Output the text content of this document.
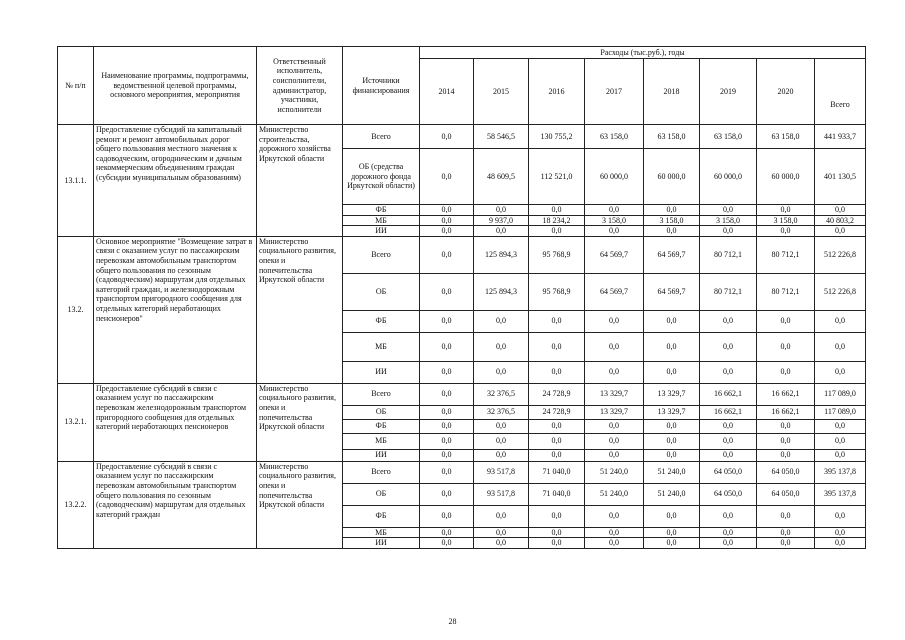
№ п/п	Наименование программы, подпрограммы, ведомственной целевой программы, основного мероприятия, мероприятия	Ответственный исполнитель, соисполнители, администратор, участники, исполнители	Источники финансирования	Расходы (тыс.руб.), годы							
				2014	2015	2016	2017	2018	2019	2020	Всего
13.1.1.	Предоставление субсидий на капитальный ремонт и ремонт автомобильных дорог общего пользования местного значения к садоводческим, огородническим и дачным некоммерческим объединениям граждан (субсидии муниципальным образованиям)	Министерство строительства, дорожного хозяйства Иркутской области	Всего	0,0	58 546,5	130 755,2	63 158,0	63 158,0	63 158,0	63 158,0	441 933,7
			ОБ (средства дорожного фонда Иркутской области)	0,0	48 609,5	112 521,0	60 000,0	60 000,0	60 000,0	60 000,0	401 130,5
			ФБ	0,0	0,0	0,0	0,0	0,0	0,0	0,0	0,0
			МБ	0,0	9 937,0	18 234,2	3 158,0	3 158,0	3 158,0	3 158,0	40 803,2
			ИИ	0,0	0,0	0,0	0,0	0,0	0,0	0,0	0,0
13.2.	Основное мероприятие "Возмещение затрат в связи с оказанием услуг по пассажирским перевозкам автомобильным транспортом общего пользования по сезонным (садоводческим) маршрутам для отдельных категорий граждан, и железнодорожным транспортом пригородного сообщения для отдельных категорий неработающих пенсионеров"	Министерство социального развития, опеки и попечительства Иркутской области	Всего	0,0	125 894,3	95 768,9	64 569,7	64 569,7	80 712,1	80 712,1	512 226,8
			ОБ	0,0	125 894,3	95 768,9	64 569,7	64 569,7	80 712,1	80 712,1	512 226,8
			ФБ	0,0	0,0	0,0	0,0	0,0	0,0	0,0	0,0
			МБ	0,0	0,0	0,0	0,0	0,0	0,0	0,0	0,0
			ИИ	0,0	0,0	0,0	0,0	0,0	0,0	0,0	0,0
13.2.1.	Предоставление субсидий в связи с оказанием услуг по пассажирским перевозкам железнодорожным транспортом пригородного сообщения для отдельных категорий неработающих пенсионеров	Министерство социального развития, опеки и попечительства Иркутской области	Всего	0,0	32 376,5	24 728,9	13 329,7	13 329,7	16 662,1	16 662,1	117 089,0
			ОБ	0,0	32 376,5	24 728,9	13 329,7	13 329,7	16 662,1	16 662,1	117 089,0
			ФБ	0,0	0,0	0,0	0,0	0,0	0,0	0,0	0,0
			МБ	0,0	0,0	0,0	0,0	0,0	0,0	0,0	0,0
			ИИ	0,0	0,0	0,0	0,0	0,0	0,0	0,0	0,0
13.2.2.	Предоставление субсидий в связи с оказанием услуг по пассажирским перевозкам автомобильным транспортом общего пользования по сезонным (садоводческим) маршрутам для отдельных категорий граждан	Министерство социального развития, опеки и попечительства Иркутской области	Всего	0,0	93 517,8	71 040,0	51 240,0	51 240,0	64 050,0	64 050,0	395 137,8
			ОБ	0,0	93 517,8	71 040,0	51 240,0	51 240,0	64 050,0	64 050,0	395 137,8
			ФБ	0,0	0,0	0,0	0,0	0,0	0,0	0,0	0,0
			МБ	0,0	0,0	0,0	0,0	0,0	0,0	0,0	0,0
			ИИ	0,0	0,0	0,0	0,0	0,0	0,0	0,0	0,0
28
